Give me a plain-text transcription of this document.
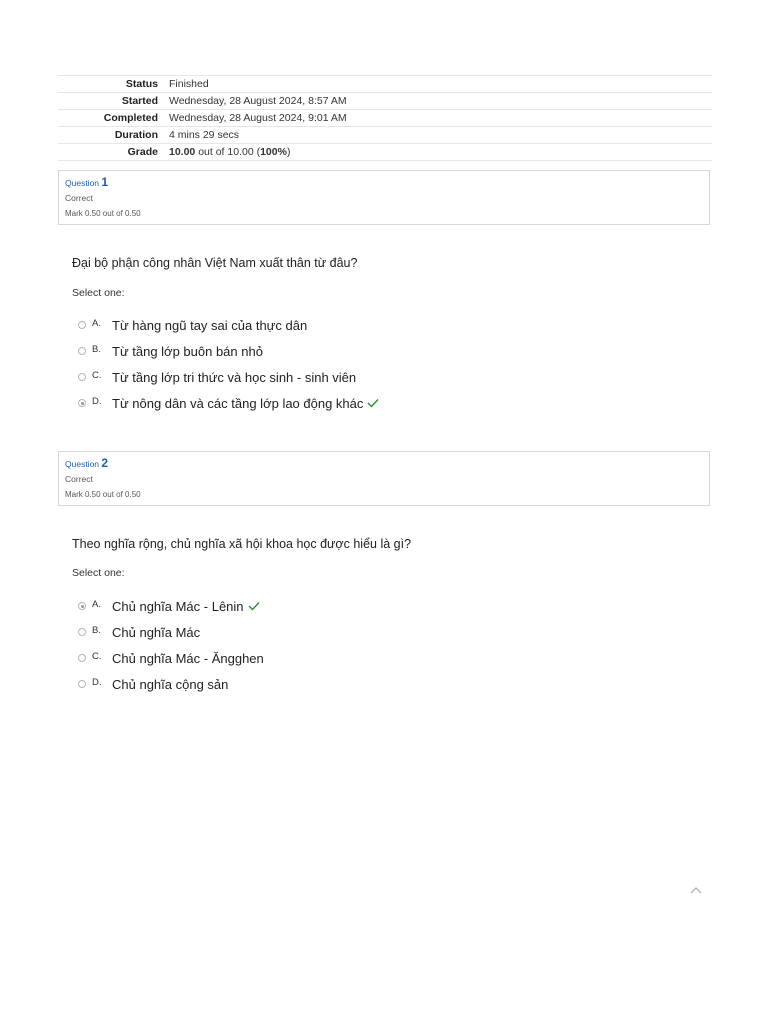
Status	Finished
Started	Wednesday, 28 August 2024, 8:57 AM
Completed	Wednesday, 28 August 2024, 9:01 AM
Duration	4 mins 29 secs
Grade	10.00 out of 10.00 (100%)
Question 1
Correct
Mark 0.50 out of 0.50
Đại bộ phận công nhân Việt Nam xuất thân từ đâu?
Select one:
A. Từ hàng ngũ tay sai của thực dân
B. Từ tầng lớp buôn bán nhỏ
C. Từ tầng lớp tri thức và học sinh - sinh viên
D. Từ nông dân và các tầng lớp lao động khác
Question 2
Correct
Mark 0.50 out of 0.50
Theo nghĩa rộng, chủ nghĩa xã hội khoa học được hiểu là gì?
Select one:
A. Chủ nghĩa Mác - Lênin
B. Chủ nghĩa Mác
C. Chủ nghĩa Mác - Ăngghen
D. Chủ nghĩa cộng sản
